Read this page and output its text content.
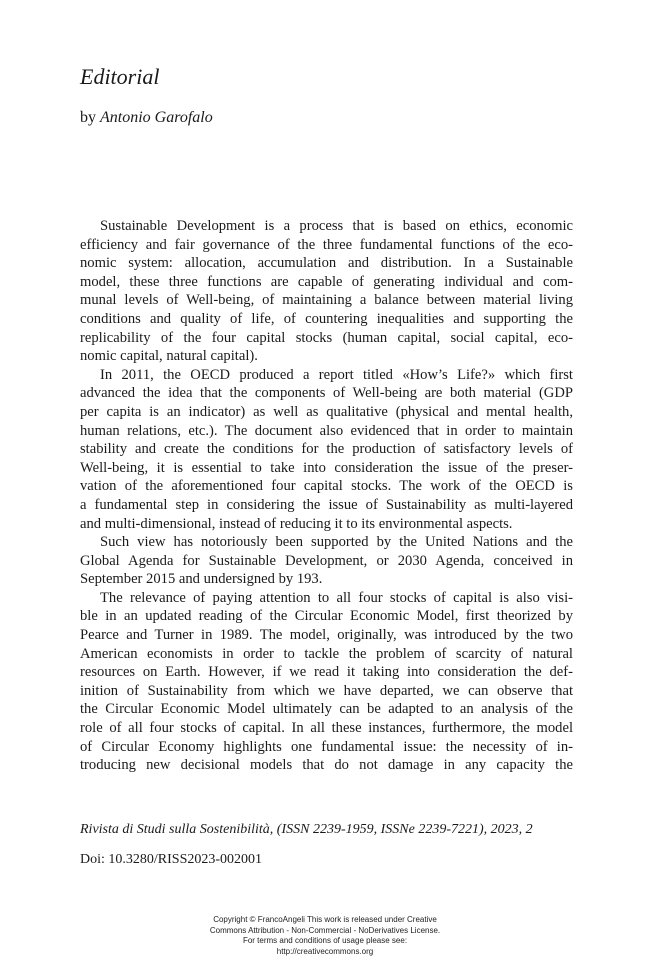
Editorial
by Antonio Garofalo
Sustainable Development is a process that is based on ethics, economic
efficiency and fair governance of the three fundamental functions of the eco-
nomic system: allocation, accumulation and distribution. In a Sustainable
model, these three functions are capable of generating individual and com-
munal levels of Well-being, of maintaining a balance between material living
conditions and quality of life, of countering inequalities and supporting the
replicability of the four capital stocks (human capital, social capital, eco-
nomic capital, natural capital).
In 2011, the OECD produced a report titled «How’s Life?» which first
advanced the idea that the components of Well-being are both material (GDP
per capita is an indicator) as well as qualitative (physical and mental health,
human relations, etc.). The document also evidenced that in order to maintain
stability and create the conditions for the production of satisfactory levels of
Well-being, it is essential to take into consideration the issue of the preser-
vation of the aforementioned four capital stocks. The work of the OECD is
a fundamental step in considering the issue of Sustainability as multi-layered
and multi-dimensional, instead of reducing it to its environmental aspects.
Such view has notoriously been supported by the United Nations and the
Global Agenda for Sustainable Development, or 2030 Agenda, conceived in
September 2015 and undersigned by 193.
The relevance of paying attention to all four stocks of capital is also visi-
ble in an updated reading of the Circular Economic Model, first theorized by
Pearce and Turner in 1989. The model, originally, was introduced by the two
American economists in order to tackle the problem of scarcity of natural
resources on Earth. However, if we read it taking into consideration the def-
inition of Sustainability from which we have departed, we can observe that
the Circular Economic Model ultimately can be adapted to an analysis of the
role of all four stocks of capital. In all these instances, furthermore, the model
of Circular Economy highlights one fundamental issue: the necessity of in-
troducing new decisional models that do not damage in any capacity the
Rivista di Studi sulla Sostenibilità, (ISSN 2239-1959, ISSNe 2239-7221), 2023, 2
Doi: 10.3280/RISS2023-002001
Copyright © FrancoAngeli This work is released under Creative
Commons Attribution - Non-Commercial - NoDerivatives License.
For terms and conditions of usage please see:
http://creativecommons.org
